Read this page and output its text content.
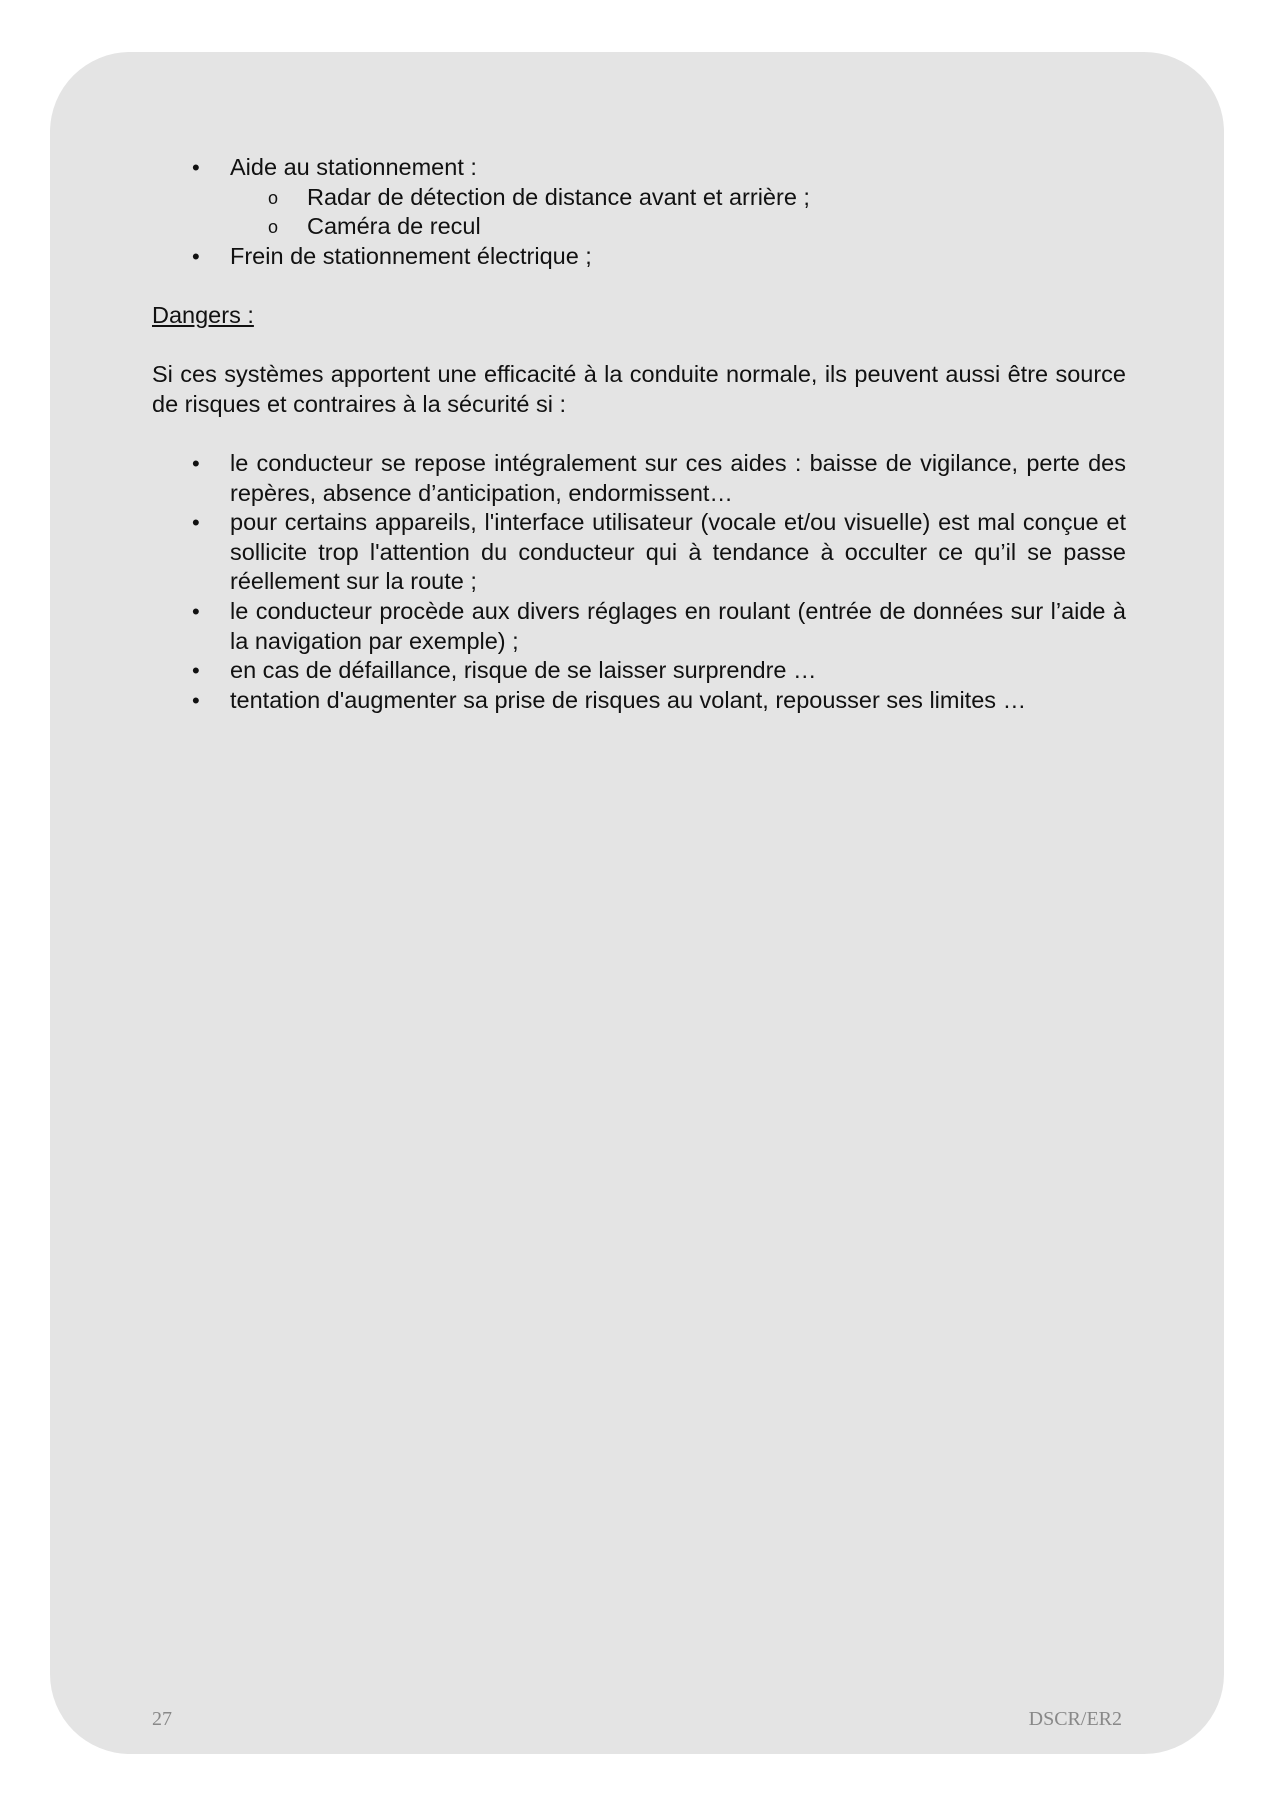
• Aide au stationnement :
o Radar de détection de distance avant et arrière ;
o Caméra de recul
• Frein de stationnement électrique ;
Dangers :
Si ces systèmes apportent une efficacité à la conduite normale, ils peuvent aussi être source de risques et contraires à la sécurité si :
• le conducteur se repose intégralement sur ces aides : baisse de vigilance, perte des repères, absence d’anticipation, endormissent…
• pour certains appareils, l'interface utilisateur (vocale et/ou visuelle) est mal conçue et sollicite trop l'attention du conducteur qui à tendance à occulter ce qu’il se passe réellement sur la route ;
• le conducteur procède aux divers réglages en roulant (entrée de données sur l’aide à la navigation par exemple) ;
• en cas de défaillance, risque de se laisser surprendre …
• tentation d'augmenter sa prise de risques au volant, repousser ses limites …
27	DSCR/ER2
